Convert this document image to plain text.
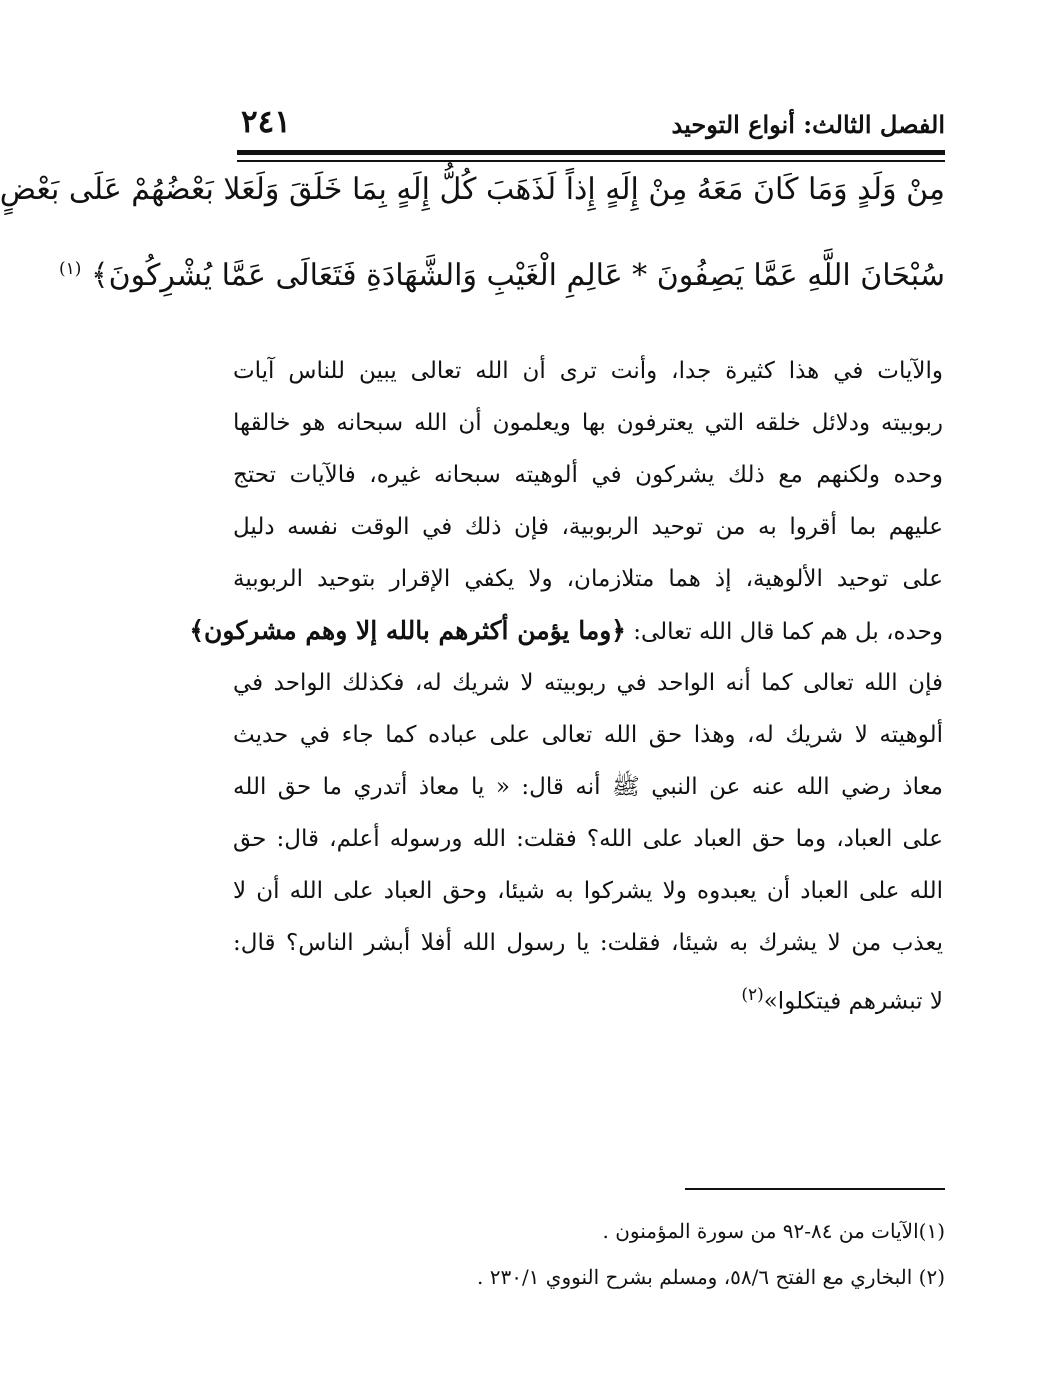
الفصل الثالث: أنواع التوحيد
٢٤١
مِنْ وَلَدٍ وَمَا كَانَ مَعَهُ مِنْ إِلَهٍ إِذاً لَذَهَبَ كُلُّ إِلَهٍ بِمَا خَلَقَ وَلَعَلا بَعْضُهُمْ عَلَى بَعْضٍ
سُبْحَانَ اللَّهِ عَمَّا يَصِفُونَ * عَالِمِ الْغَيْبِ وَالشَّهَادَةِ فَتَعَالَى عَمَّا يُشْرِكُونَ﴾ $^{(١)}$
والآيات في هذا كثيرة جدا، وأنت ترى أن الله تعالى يبين للناس آيات
ربوبيته ودلائل خلقه التي يعترفون بها ويعلمون أن الله سبحانه هو خالقها
وحده ولكنهم مع ذلك يشركون في ألوهيته سبحانه غيره، فالآيات تحتج
عليهم بما أقروا به من توحيد الربوبية، فإن ذلك في الوقت نفسه دليل
على توحيد الألوهية، إذ هما متلازمان، ولا يكفي الإقرار بتوحيد الربوبية
وحده، بل هم كما قال الله تعالى: ﴿وما يؤمن أكثرهم بالله إلا وهم مشركون﴾
فإن الله تعالى كما أنه الواحد في ربوبيته لا شريك له، فكذلك الواحد في
ألوهيته لا شريك له، وهذا حق الله تعالى على عباده كما جاء في حديث
معاذ رضي الله عنه عن النبي ﷺ أنه قال: « يا معاذ أتدري ما حق الله
على العباد، وما حق العباد على الله؟ فقلت: الله ورسوله أعلم، قال: حق
الله على العباد أن يعبدوه ولا يشركوا به شيئا، وحق العباد على الله أن لا
يعذب من لا يشرك به شيئا، فقلت: يا رسول الله أفلا أبشر الناس؟ قال:
لا تبشرهم فيتكلوا»$^{(٢)}$
(١)الآيات من ٨٤-٩٢ من سورة المؤمنون .
(٢) البخاري مع الفتح ٥٨/٦، ومسلم بشرح النووي ٢٣٠/١ .
